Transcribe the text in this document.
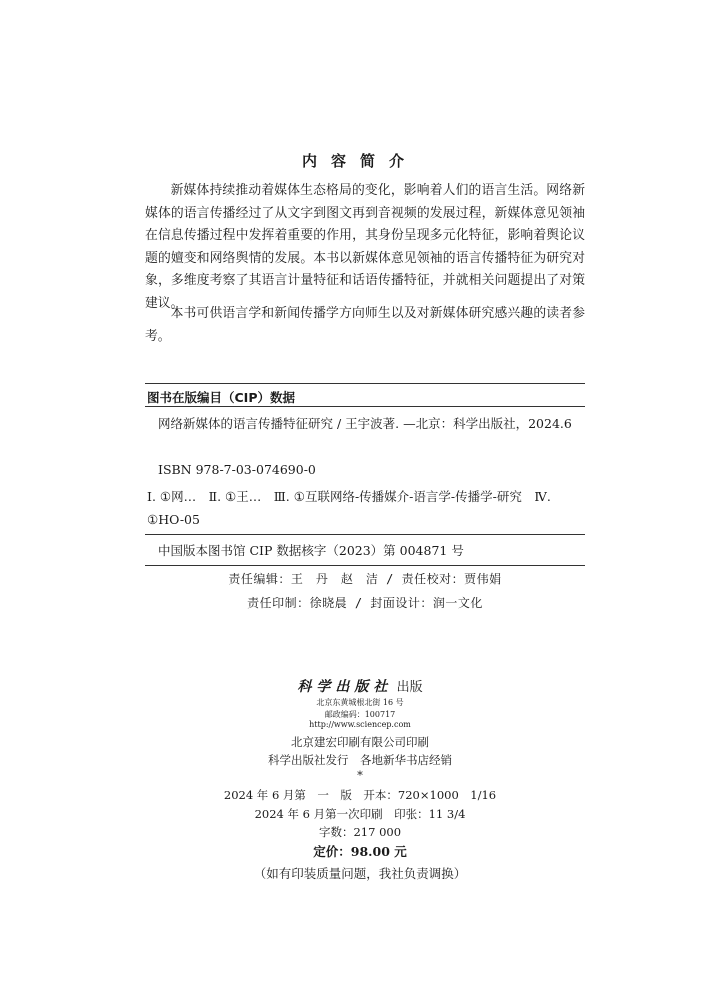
内容简介

新媒体持续推动着媒体生态格局的变化，影响着人们的语言生活。网络新媒体的语言传播经过了从文字到图文再到音视频的发展过程，新媒体意见领袖在信息传播过程中发挥着重要的作用，其身份呈现多元化特征，影响着舆论议题的嬗变和网络舆情的发展。本书以新媒体意见领袖的语言传播特征为研究对象，多维度考察了其语言计量特征和话语传播特征，并就相关问题提出了对策建议。

本书可供语言学和新闻传播学方向师生以及对新媒体研究感兴趣的读者参考。

图书在版编目（CIP）数据

网络新媒体的语言传播特征研究 / 王宇波著. —北京：科学出版社，2024.6

ISBN 978-7-03-074690-0

Ⅰ. ①网…　Ⅱ. ①王…　Ⅲ. ①互联网络-传播媒介-语言学-传播学-研究　Ⅳ. ①HO-05

中国版本图书馆 CIP 数据核字（2023）第 004871 号

责任编辑：王　丹　赵　洁 / 责任校对：贾伟娟
责任印制：徐晓晨 / 封面设计：润一文化
科学出版社 出版
北京东黄城根北街 16 号
邮政编码：100717
http://www.sciencep.com
北京建宏印刷有限公司印刷
科学出版社发行　各地新华书店经销
*
2024 年 6 月第　一　版　开本：720×1000　1/16
2024 年 6 月第一次印刷　印张：11 3/4
字数：217 000
定价：98.00 元
（如有印装质量问题，我社负责调换）
